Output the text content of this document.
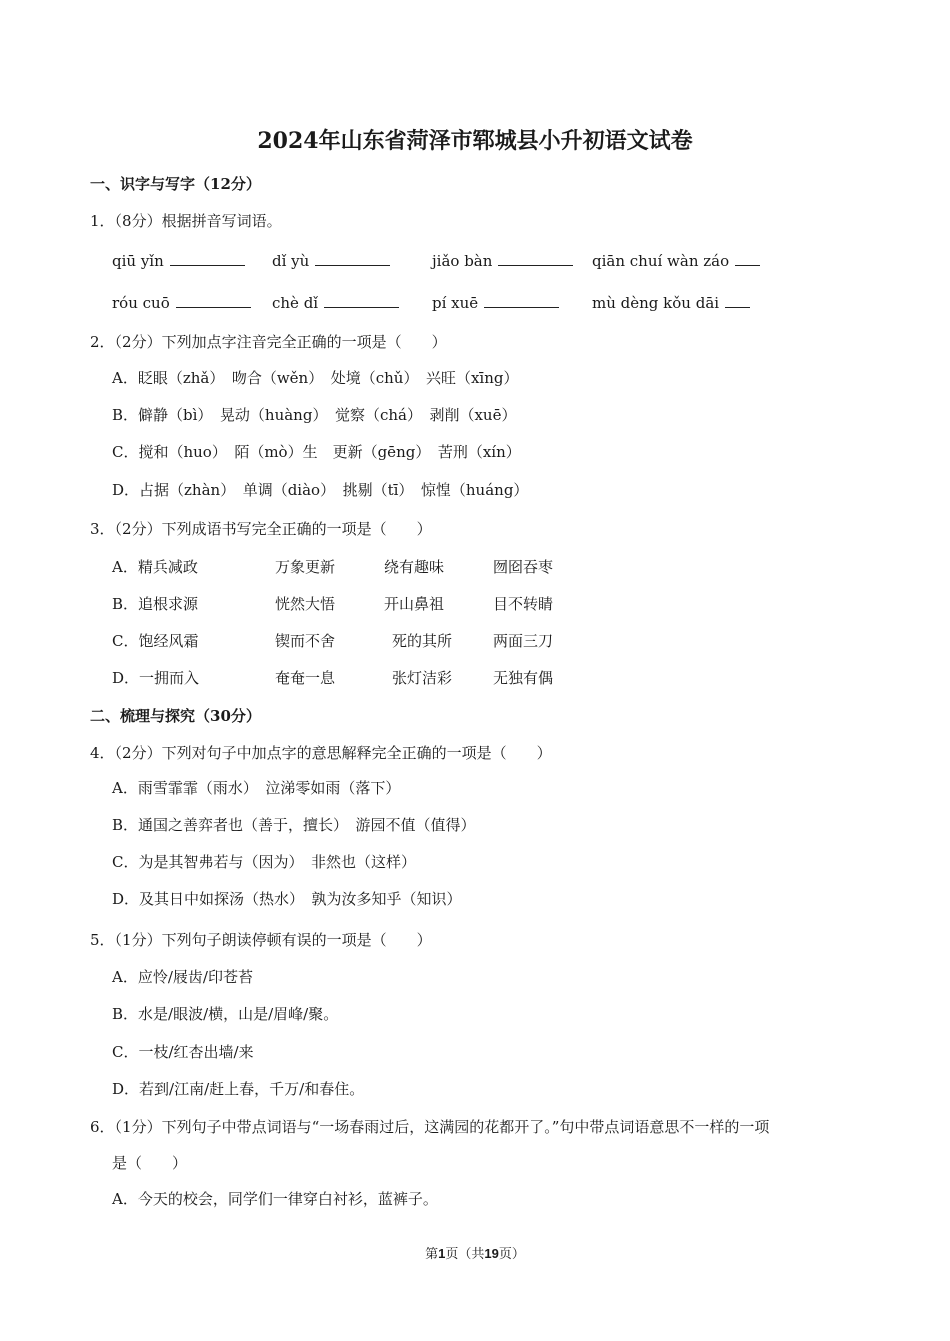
2024年山东省菏泽市郓城县小升初语文试卷
一、识字与写字（12分）
1．（8分）根据拼音写词语。
qiū yǐn	dǐ yù	jiǎo bàn	qiān chuí wàn záo
róu cuō	chè dǐ	pí xuē	mù dèng kǒu dāi
2．（2分）下列加点字注音完全正确的一项是（　　）
A．眨眼（zhǎ）　吻合（wěn）　处境（chǔ）　兴旺（xīng）
B．僻静（bì）　晃动（huàng）　觉察（chá）　剥削（xuē）
C．搅和（huo）　陌（mò）生　更新（gēng）　苦刑（xín）
D．占据（zhàn）　单调（diào）　挑剔（tī）　惊惶（huáng）
3．（2分）下列成语书写完全正确的一项是（　　）
A．精兵减政	万象更新	绕有趣味	囫囵吞枣
B．追根求源	恍然大悟	开山鼻祖	目不转睛
C．饱经风霜	锲而不舍	死的其所	两面三刀
D．一拥而入	奄奄一息	张灯洁彩	无独有偶
二、梳理与探究（30分）
4．（2分）下列对句子中加点字的意思解释完全正确的一项是（　　）
A．雨雪霏霏（雨水）　泣涕零如雨（落下）
B．通国之善弈者也（善于，擅长）　游园不值（值得）
C．为是其智弗若与（因为）　非然也（这样）
D．及其日中如探汤（热水）　孰为汝多知乎（知识）
5．（1分）下列句子朗读停顿有误的一项是（　　）
A．应怜/屐齿/印苍苔
B．水是/眼波/横，山是/眉峰/聚。
C．一枝/红杏出墙/来
D．若到/江南/赶上春，千万/和春住。
6．（1分）下列句子中带点词语与“一场春雨过后，这满园的花都开了。”句中带点词语意思不一样的一项
是（　　）
A．今天的校会，同学们一律穿白衬衫，蓝裤子。
第1页（共19页）
